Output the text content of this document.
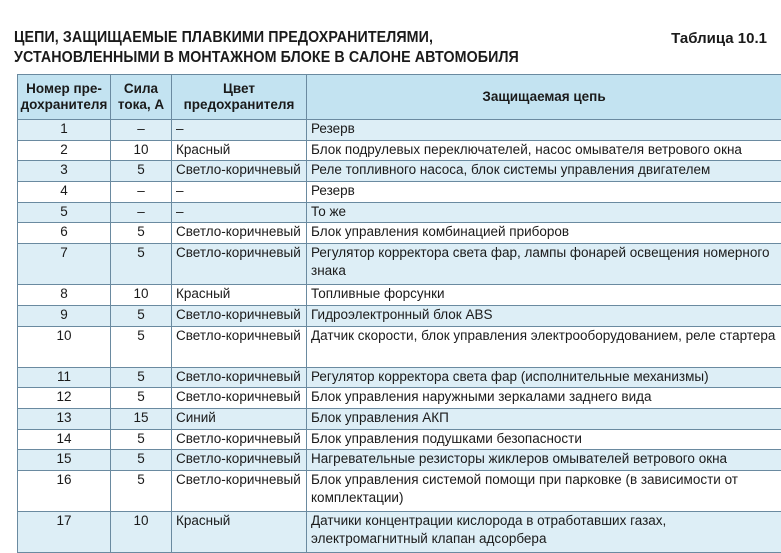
ЦЕПИ, ЗАЩИЩАЕМЫЕ ПЛАВКИМИ ПРЕДОХРАНИТЕЛЯМИ,
УСТАНОВЛЕННЫМИ В МОНТАЖНОМ БЛОКЕ В САЛОНЕ АВТОМОБИЛЯ
Таблица 10.1
Номер пре-дохранителя	Сила тока, А	Цвет предохранителя	Защищаемая цепь
1	–	–	Резерв
2	10	Красный	Блок подрулевых переключателей, насос омывателя ветрового окна
3	5	Светло-коричневый	Реле топливного насоса, блок системы управления двигателем
4	–	–	Резерв
5	–	–	То же
6	5	Светло-коричневый	Блок управления комбинацией приборов
7	5	Светло-коричневый	Регулятор корректора света фар, лампы фонарей освещения номерного знака
8	10	Красный	Топливные форсунки
9	5	Светло-коричневый	Гидроэлектронный блок ABS
10	5	Светло-коричневый	Датчик скорости, блок управления электрооборудованием, реле стартера
11	5	Светло-коричневый	Регулятор корректора света фар (исполнительные механизмы)
12	5	Светло-коричневый	Блок управления наружными зеркалами заднего вида
13	15	Синий	Блок управления АКП
14	5	Светло-коричневый	Блок управления подушками безопасности
15	5	Светло-коричневый	Нагревательные резисторы жиклеров омывателей ветрового окна
16	5	Светло-коричневый	Блок управления системой помощи при парковке (в зависимости от комплектации)
17	10	Красный	Датчики концентрации кислорода в отработавших газах, электромагнитный клапан адсорбера
